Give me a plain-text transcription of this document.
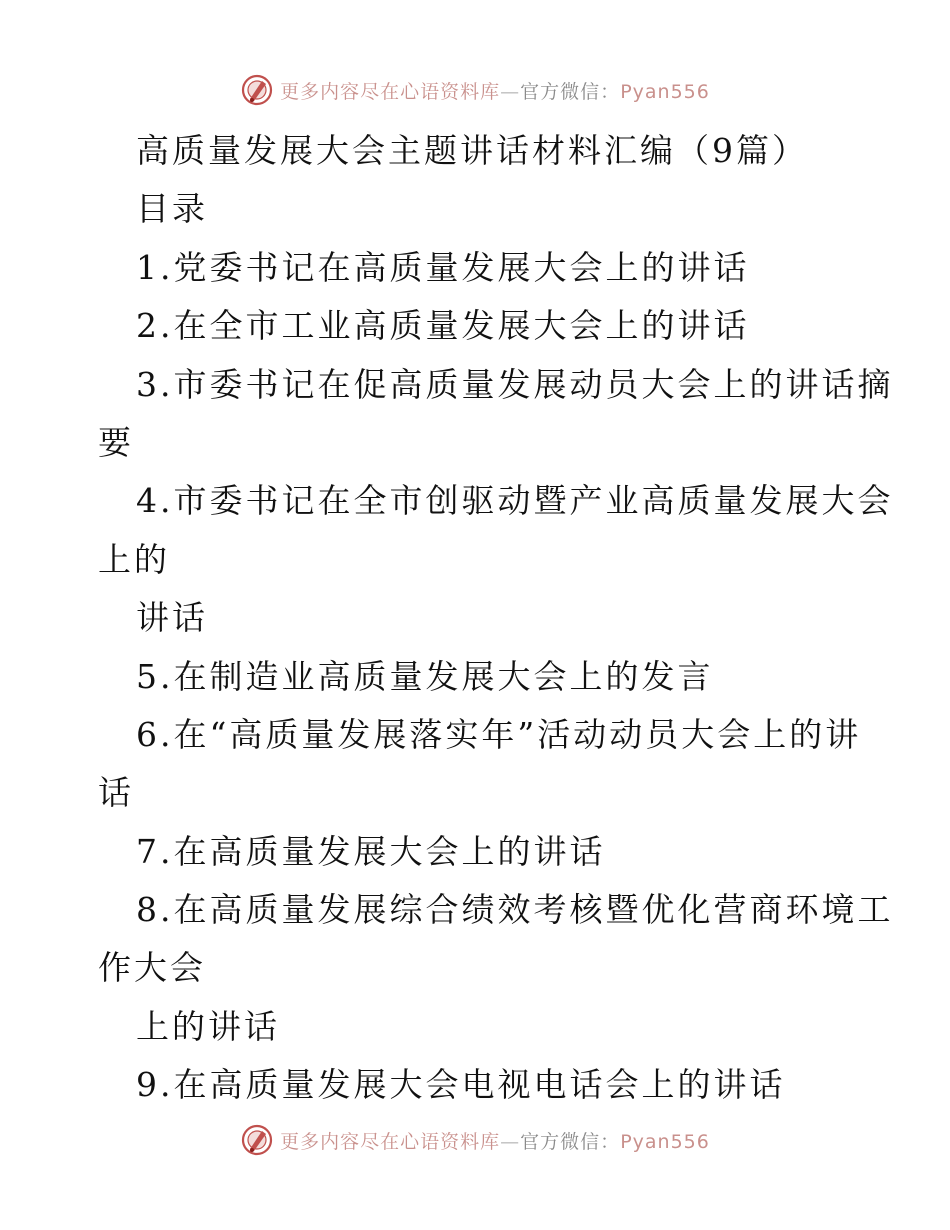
更多内容尽在心语资料库—官方微信：Pyan556
高质量发展大会主题讲话材料汇编（9篇）
目录
1.党委书记在高质量发展大会上的讲话
2.在全市工业高质量发展大会上的讲话
3.市委书记在促高质量发展动员大会上的讲话摘
要
4.市委书记在全市创驱动暨产业高质量发展大会
上的
讲话
5.在制造业高质量发展大会上的发言
6.在“高质量发展落实年”活动动员大会上的讲
话
7.在高质量发展大会上的讲话
8.在高质量发展综合绩效考核暨优化营商环境工
作大会
上的讲话
9.在高质量发展大会电视电话会上的讲话
更多内容尽在心语资料库—官方微信：Pyan556
